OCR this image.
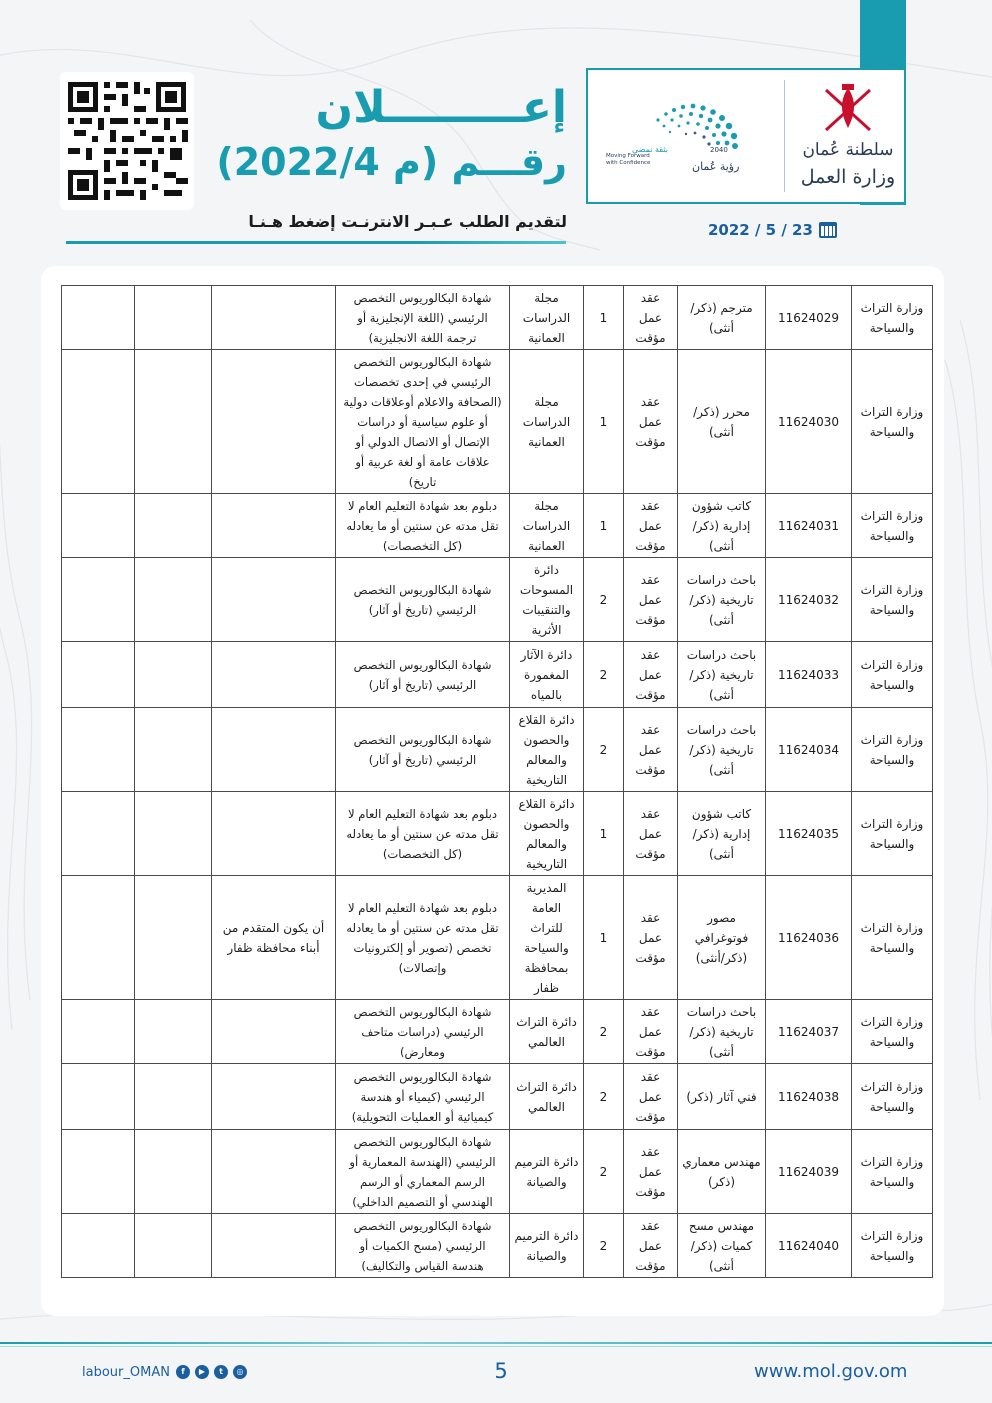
سلطنة عُمان
وزارة العمل
رؤية عُمان
2040
بثقة نمضي
Moving Forward
with Confidence
إعـــــــــلان
رقـــم (م 2022/4)
لتقديم الطلب عـبـر الانترنـت إضغط هـنـا	2022 / 5 / 23
وزارة التراث والسياحة	11624029	مترجم (ذكر/ أنثى)	عقد عمل مؤقت	1	مجلة الدراسات العمانية	شهادة البكالوريوس التخصص الرئيسي (اللغة الإنجليزية أو ترجمة اللغة الانجليزية)			
وزارة التراث والسياحة	11624030	محرر (ذكر/ أنثى)	عقد عمل مؤقت	1	مجلة الدراسات العمانية	شهادة البكالوريوس التخصص الرئيسي في إحدى تخصصات (الصحافة والاعلام أوعلاقات دولية أو علوم سياسية أو دراسات الإتصال أو الاتصال الدولي أو علاقات عامة أو لغة عربية أو تاريخ)			
وزارة التراث والسياحة	11624031	كاتب شؤون إدارية (ذكر/ أنثى)	عقد عمل مؤقت	1	مجلة الدراسات العمانية	دبلوم بعد شهادة التعليم العام لا تقل مدته عن سنتين أو ما يعادله (كل التخصصات)			
وزارة التراث والسياحة	11624032	باحث دراسات تاريخية (ذكر/ أنثى)	عقد عمل مؤقت	2	دائرة المسوحات والتنقيبات الأثرية	شهادة البكالوريوس التخصص الرئيسي (تاريخ أو آثار)			
وزارة التراث والسياحة	11624033	باحث دراسات تاريخية (ذكر/ أنثى)	عقد عمل مؤقت	2	دائرة الآثار المغمورة بالمياه	شهادة البكالوريوس التخصص الرئيسي (تاريخ أو آثار)			
وزارة التراث والسياحة	11624034	باحث دراسات تاريخية (ذكر/ أنثى)	عقد عمل مؤقت	2	دائرة القلاع والحصون والمعالم التاريخية	شهادة البكالوريوس التخصص الرئيسي (تاريخ أو آثار)			
وزارة التراث والسياحة	11624035	كاتب شؤون إدارية (ذكر/ أنثى)	عقد عمل مؤقت	1	دائرة القلاع والحصون والمعالم التاريخية	دبلوم بعد شهادة التعليم العام لا تقل مدته عن سنتين أو ما يعادله (كل التخصصات)			
وزارة التراث والسياحة	11624036	مصور فوتوغرافي (ذكر/أنثى)	عقد عمل مؤقت	1	المديرية العامة للتراث والسياحة بمحافظة ظفار	دبلوم بعد شهادة التعليم العام لا تقل مدته عن سنتين أو ما يعادله تخصص (تصوير أو إلكترونيات وإتصالات)	أن يكون المتقدم من أبناء محافظة ظفار		
وزارة التراث والسياحة	11624037	باحث دراسات تاريخية (ذكر/ أنثى)	عقد عمل مؤقت	2	دائرة التراث العالمي	شهادة البكالوريوس التخصص الرئيسي (دراسات متاحف ومعارض)			
وزارة التراث والسياحة	11624038	فني آثار (ذكر)	عقد عمل مؤقت	2	دائرة التراث العالمي	شهادة البكالوريوس التخصص الرئيسي (كيمياء أو هندسة كيميائية أو العمليات التحويلية)			
وزارة التراث والسياحة	11624039	مهندس معماري (ذكر)	عقد عمل مؤقت	2	دائرة الترميم والصيانة	شهادة البكالوريوس التخصص الرئيسي (الهندسة المعمارية أو الرسم المعماري أو الرسم الهندسي أو التصميم الداخلي)			
وزارة التراث والسياحة	11624040	مهندس مسح كميات (ذكر/ أنثى)	عقد عمل مؤقت	2	دائرة الترميم والصيانة	شهادة البكالوريوس التخصص الرئيسي (مسح الكميات أو هندسة القياس والتكاليف)			
labour_OMAN	f	▶	t	◎	5	www.mol.gov.om
